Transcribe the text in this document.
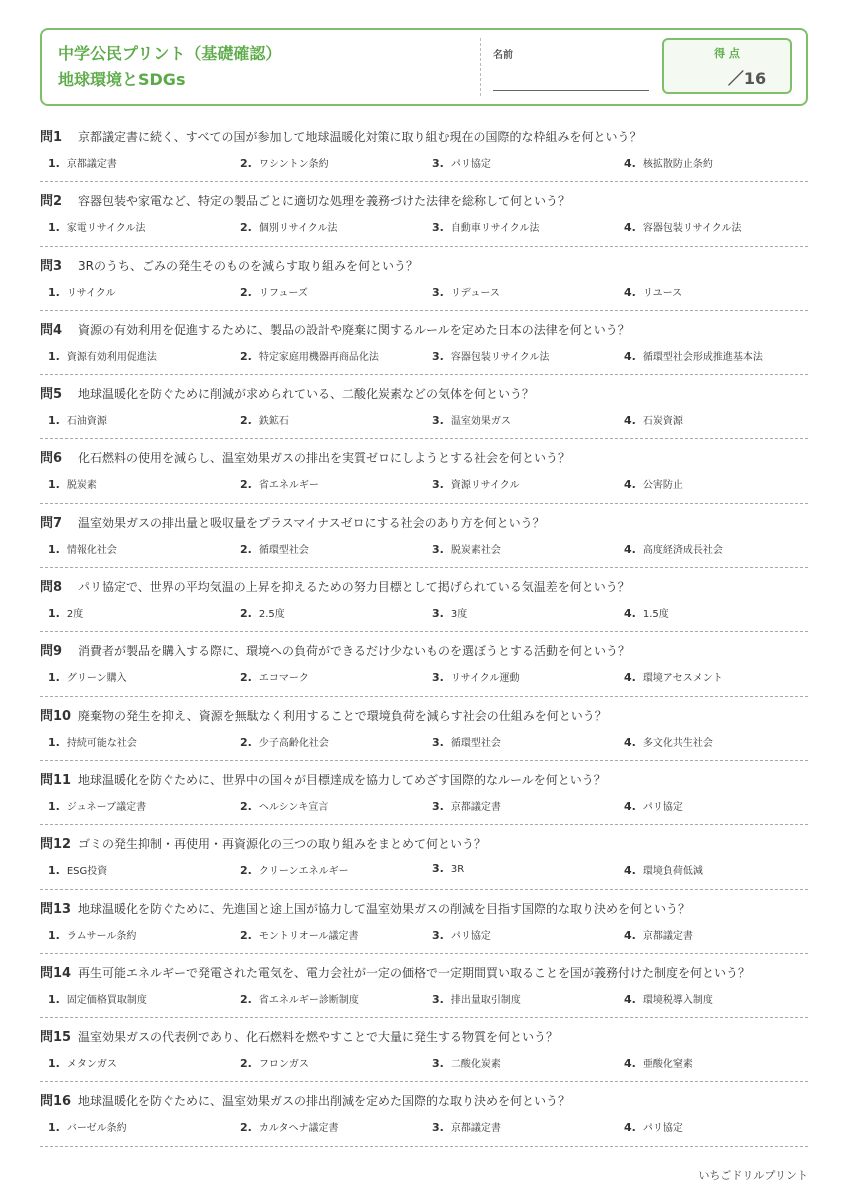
中学公民プリント（基礎確認）
地球環境とSDGs
名前	得 点
／16
問1 京都議定書に続く、すべての国が参加して地球温暖化対策に取り組む現在の国際的な枠組みを何という？
1. 京都議定書	2. ワシントン条約	3. パリ協定	4. 核拡散防止条約
問2 容器包装や家電など、特定の製品ごとに適切な処理を義務づけた法律を総称して何という？
1. 家電リサイクル法	2. 個別リサイクル法	3. 自動車リサイクル法	4. 容器包装リサイクル法
問3 3Rのうち、ごみの発生そのものを減らす取り組みを何という？
1. リサイクル	2. リフューズ	3. リデュース	4. リユース
問4 資源の有効利用を促進するために、製品の設計や廃棄に関するルールを定めた日本の法律を何という？
1. 資源有効利用促進法	2. 特定家庭用機器再商品化法	3. 容器包装リサイクル法	4. 循環型社会形成推進基本法
問5 地球温暖化を防ぐために削減が求められている、二酸化炭素などの気体を何という？
1. 石油資源	2. 鉄鉱石	3. 温室効果ガス	4. 石炭資源
問6 化石燃料の使用を減らし、温室効果ガスの排出を実質ゼロにしようとする社会を何という？
1. 脱炭素	2. 省エネルギー	3. 資源リサイクル	4. 公害防止
問7 温室効果ガスの排出量と吸収量をプラスマイナスゼロにする社会のあり方を何という？
1. 情報化社会	2. 循環型社会	3. 脱炭素社会	4. 高度経済成長社会
問8 パリ協定で、世界の平均気温の上昇を抑えるための努力目標として掲げられている気温差を何という？
1. 2度	2. 2.5度	3. 3度	4. 1.5度
問9 消費者が製品を購入する際に、環境への負荷ができるだけ少ないものを選ぼうとする活動を何という？
1. グリーン購入	2. エコマーク	3. リサイクル運動	4. 環境アセスメント
問10 廃棄物の発生を抑え、資源を無駄なく利用することで環境負荷を減らす社会の仕組みを何という？
1. 持続可能な社会	2. 少子高齢化社会	3. 循環型社会	4. 多文化共生社会
問11 地球温暖化を防ぐために、世界中の国々が目標達成を協力してめざす国際的なルールを何という？
1. ジュネーブ議定書	2. ヘルシンキ宣言	3. 京都議定書	4. パリ協定
問12 ゴミの発生抑制・再使用・再資源化の三つの取り組みをまとめて何という？
1. ESG投資	2. クリーンエネルギー	3. 3R	4. 環境負荷低減
問13 地球温暖化を防ぐために、先進国と途上国が協力して温室効果ガスの削減を目指す国際的な取り決めを何という？
1. ラムサール条約	2. モントリオール議定書	3. パリ協定	4. 京都議定書
問14 再生可能エネルギーで発電された電気を、電力会社が一定の価格で一定期間買い取ることを国が義務付けた制度を何という？
1. 固定価格買取制度	2. 省エネルギー診断制度	3. 排出量取引制度	4. 環境税導入制度
問15 温室効果ガスの代表例であり、化石燃料を燃やすことで大量に発生する物質を何という？
1. メタンガス	2. フロンガス	3. 二酸化炭素	4. 亜酸化窒素
問16 地球温暖化を防ぐために、温室効果ガスの排出削減を定めた国際的な取り決めを何という？
1. バーゼル条約	2. カルタヘナ議定書	3. 京都議定書	4. パリ協定
いちごドリルプリント
